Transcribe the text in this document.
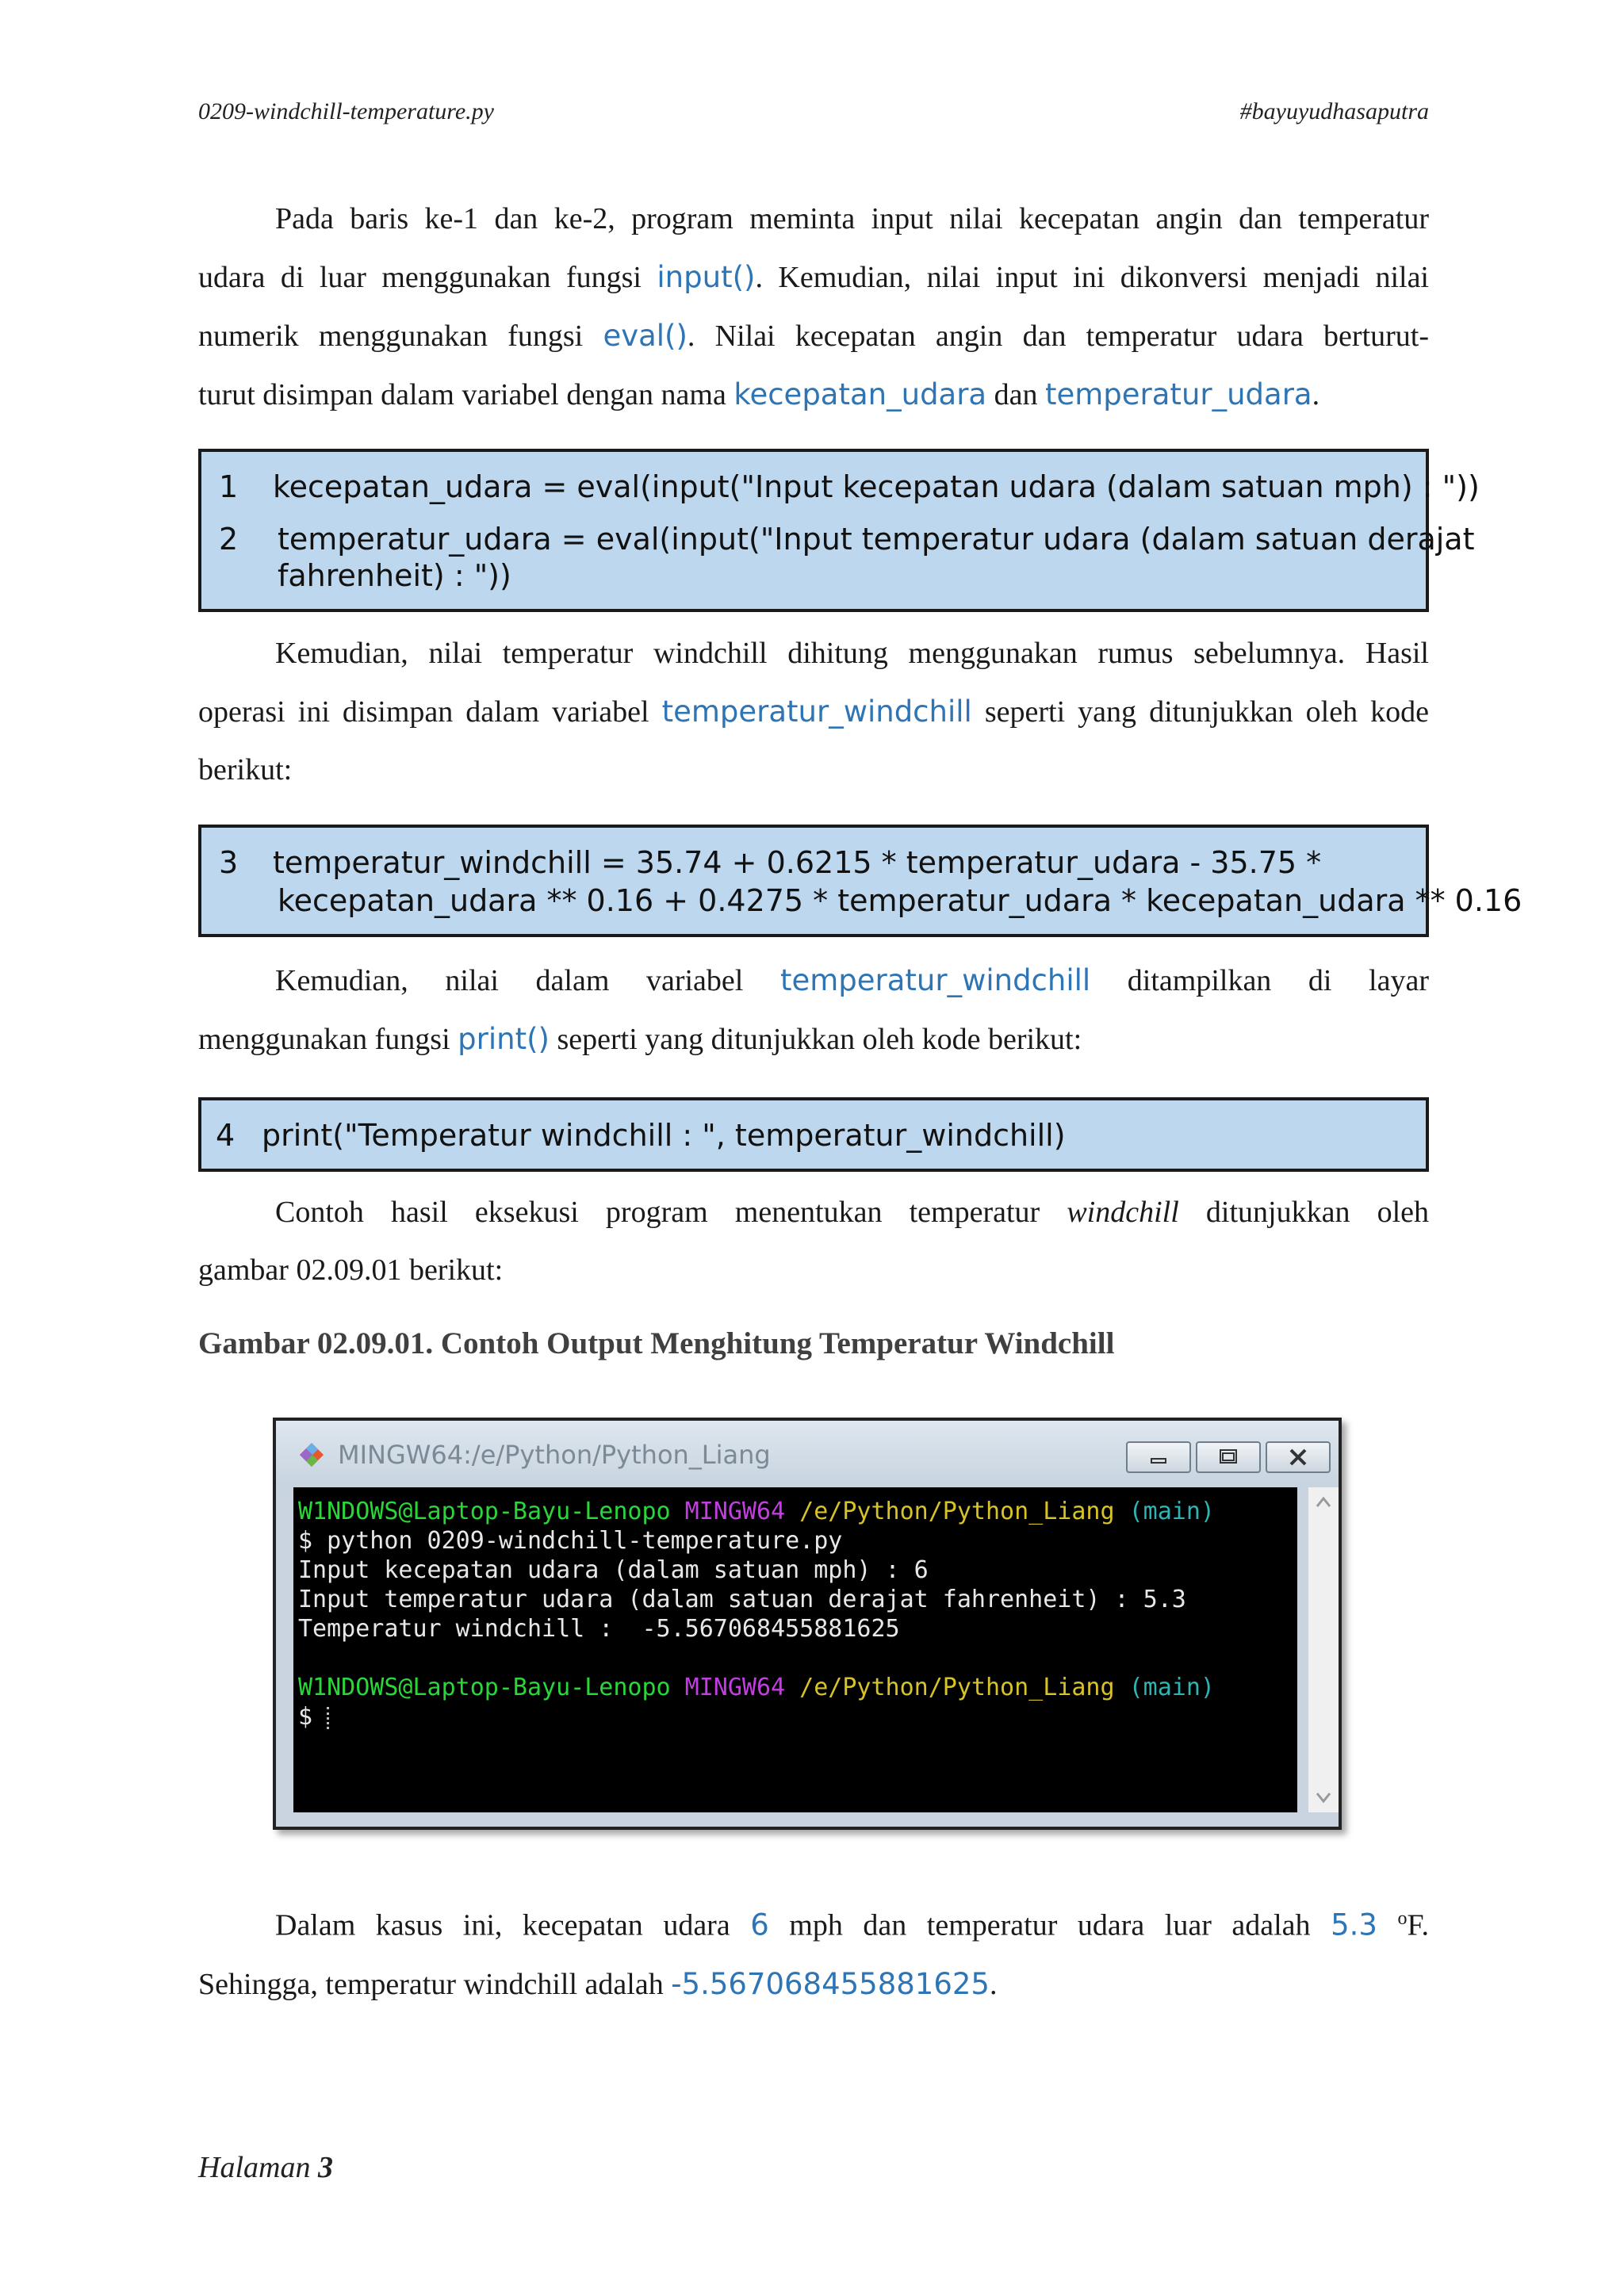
0209-windchill-temperature.py	#bayuyudhasaputra
Pada baris ke-1 dan ke-2, program meminta input nilai kecepatan angin dan temperatur
udara di luar menggunakan fungsi input(). Kemudian, nilai input ini dikonversi menjadi nilai
numerik menggunakan fungsi eval(). Nilai kecepatan angin dan temperatur udara berturut-
turut disimpan dalam variabel dengan nama kecepatan_udara dan temperatur_udara.
1 kecepatan_udara = eval(input("Input kecepatan udara (dalam satuan mph) : "))
2 temperatur_udara = eval(input("Input temperatur udara (dalam satuan derajat
fahrenheit) : "))
Kemudian, nilai temperatur windchill dihitung menggunakan rumus sebelumnya. Hasil
operasi ini disimpan dalam variabel temperatur_windchill seperti yang ditunjukkan oleh kode
berikut:
3 temperatur_windchill = 35.74 + 0.6215 * temperatur_udara - 35.75 *
kecepatan_udara ** 0.16 + 0.4275 * temperatur_udara * kecepatan_udara ** 0.16
Kemudian, nilai dalam variabel temperatur_windchill ditampilkan di layar
menggunakan fungsi print() seperti yang ditunjukkan oleh kode berikut:
4 print("Temperatur windchill : ", temperatur_windchill)
Contoh hasil eksekusi program menentukan temperatur windchill ditunjukkan oleh
gambar 02.09.01 berikut:
Gambar 02.09.01. Contoh Output Menghitung Temperatur Windchill
MINGW64:/e/Python/Python_Liang
W1NDOWS@Laptop-Bayu-Lenopo MINGW64 /e/Python/Python_Liang (main)
$ python 0209-windchill-temperature.py
Input kecepatan udara (dalam satuan mph) : 6
Input temperatur udara (dalam satuan derajat fahrenheit) : 5.3
Temperatur windchill :  -5.567068455881625
W1NDOWS@Laptop-Bayu-Lenopo MINGW64 /e/Python/Python_Liang (main)
$
Dalam kasus ini, kecepatan udara 6 mph dan temperatur udara luar adalah 5.3 $^o$F.
Sehingga, temperatur windchill adalah -5.567068455881625.
Halaman 3
